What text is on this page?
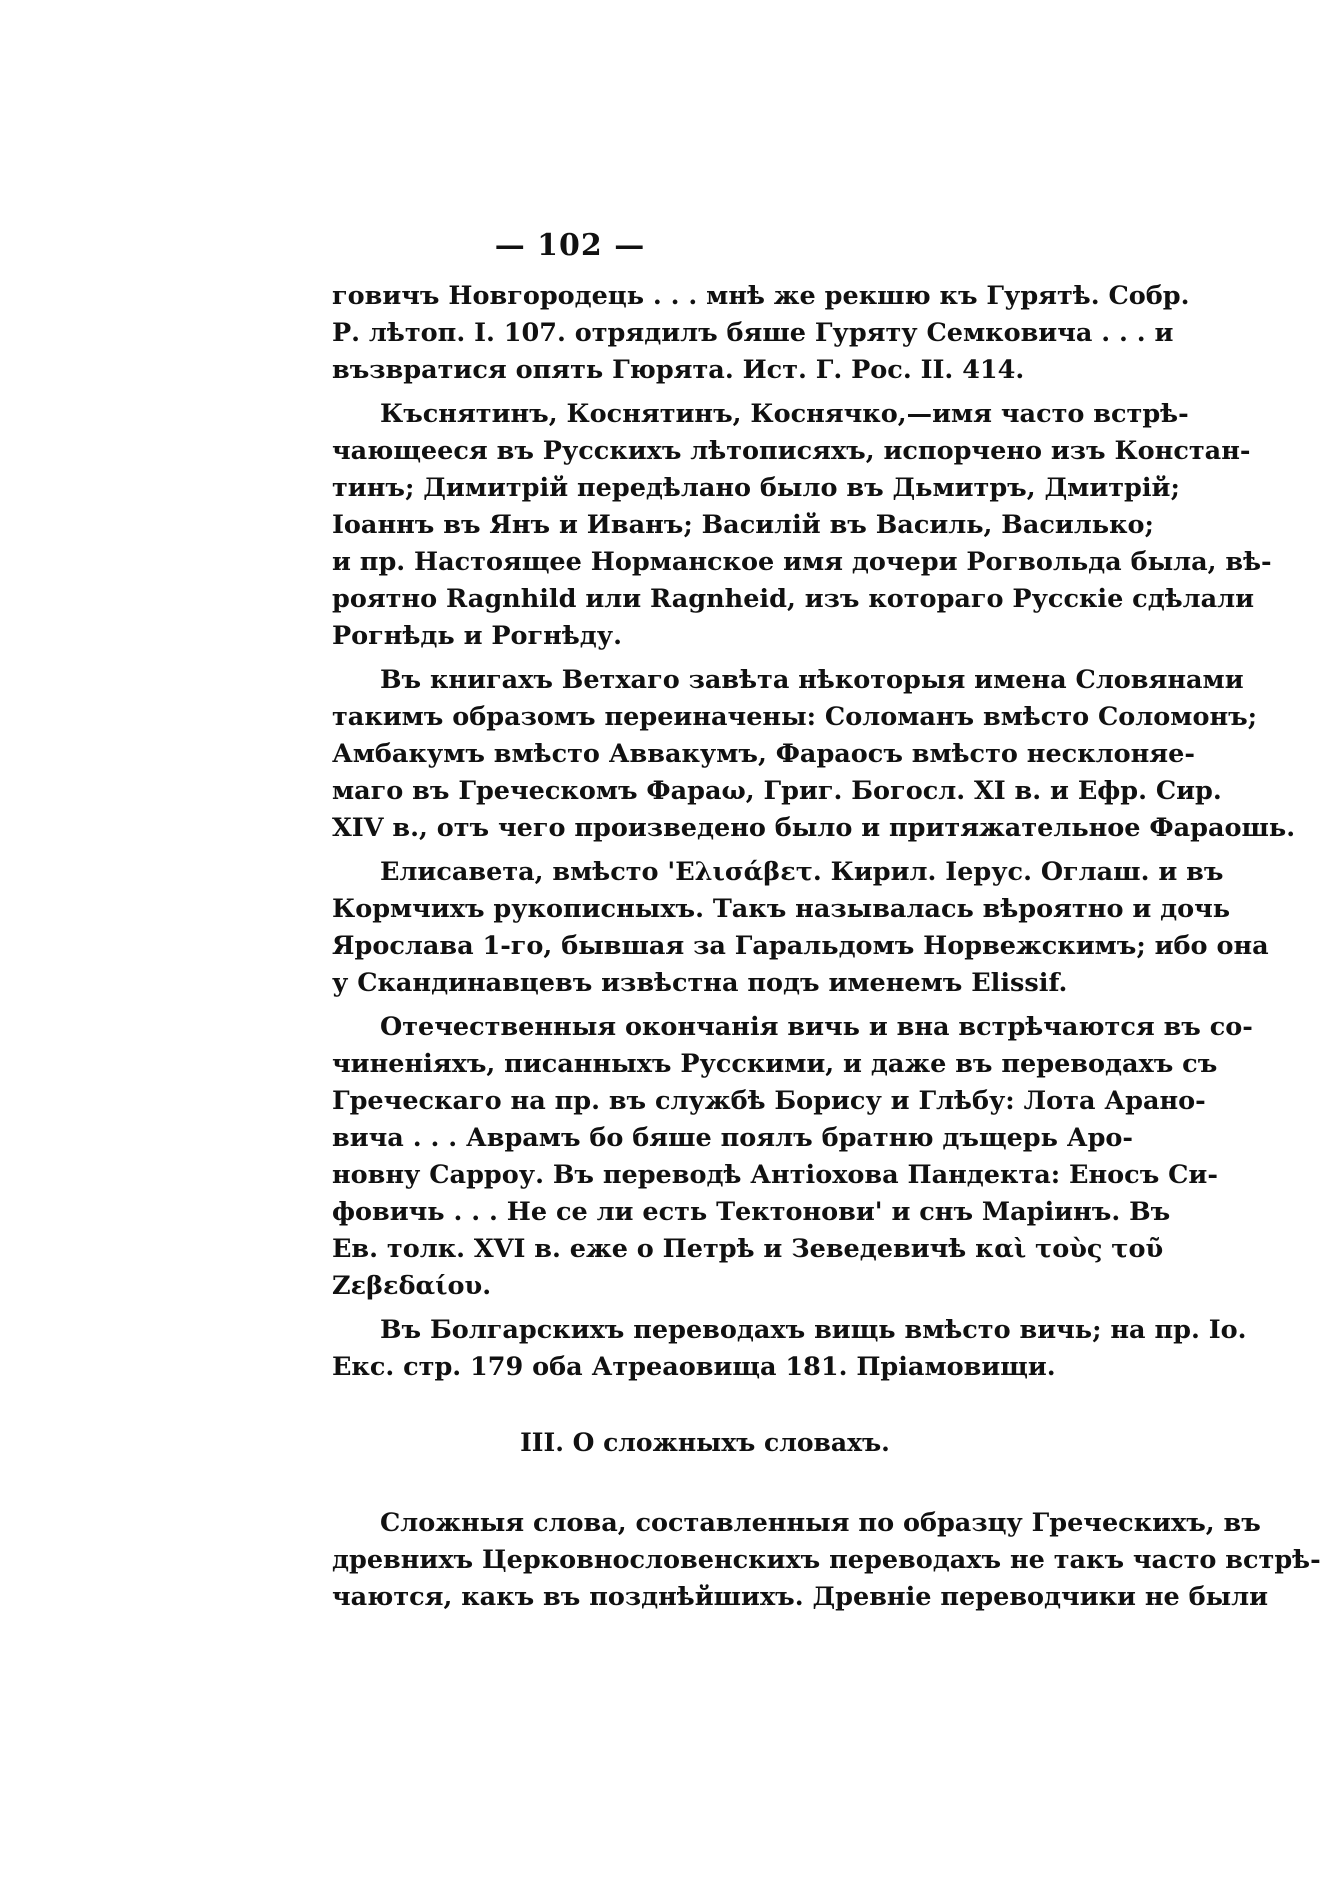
— 102 —

говичъ Новгородець . . . мнѣ же рекшю къ Гурятѣ. Собр.
Р. лѣтоп. I. 107. отрядилъ бяше Гуряту Семковича . . . и
възвратися опять Гюрята. Ист. Г. Рос. II. 414.

Къснятинъ, Коснятинъ, Коснячко,—имя часто встрѣ-
чающееся въ Русскихъ лѣтописяхъ, испорчено изъ Констан-
тинъ; Димитрій передѣлано было въ Дьмитръ, Дмитрій;
Іоаннъ въ Янъ и Иванъ; Василій въ Василь, Василько;
и пр. Настоящее Норманское имя дочери Рогвольда была, вѣ-
роятно Ragnhild или Ragnheid, изъ котораго Русскіе сдѣлали
Рогнѣдь и Рогнѣду.

Въ книгахъ Ветхаго завѣта нѣкоторыя имена Словянами
такимъ образомъ переиначены: Соломанъ вмѣсто Соломонъ;
Амбакумъ вмѣсто Аввакумъ, Фараосъ вмѣсто несклоняе-
маго въ Греческомъ Фараω, Григ. Богосл. XI в. и Ефр. Сир.
XIV в., отъ чего произведено было и притяжательное Фараошь.

Елисавета, вмѣсто 'Ελισάβετ. Кирил. Іерус. Оглаш. и въ
Кормчихъ рукописныхъ. Такъ называлась вѣроятно и дочь
Ярослава 1-го, бывшая за Гаральдомъ Норвежскимъ; ибо она
у Скандинавцевъ извѣстна подъ именемъ Elissif.

Отечественныя окончанія вичь и вна встрѣчаются въ со-
чиненіяхъ, писанныхъ Русскими, и даже въ переводахъ съ
Греческаго на пр. въ службѣ Борису и Глѣбу: Лота Арано-
вича . . . Аврамъ бо бяше поялъ братню дъщерь Аро-
новну Сарроу. Въ переводѣ Антіохова Пандекта: Еносъ Си-
фовичь . . . Не се ли есть Тектонови' и снъ Маріинъ. Въ
Ев. толк. XVI в. еже о Петрѣ и Зеведевичѣ καὶ τοὺς τοῦ
Ζεβεδαίου.

Въ Болгарскихъ переводахъ вищь вмѣсто вичь; на пр. Іо.
Екс. стр. 179 оба Атреаовища 181. Пріамовищи.

III. О сложныхъ словахъ.

Сложныя слова, составленныя по образцу Греческихъ, въ
древнихъ Церковнословенскихъ переводахъ не такъ часто встрѣ-
чаются, какъ въ позднѣйшихъ. Древніе переводчики не были
